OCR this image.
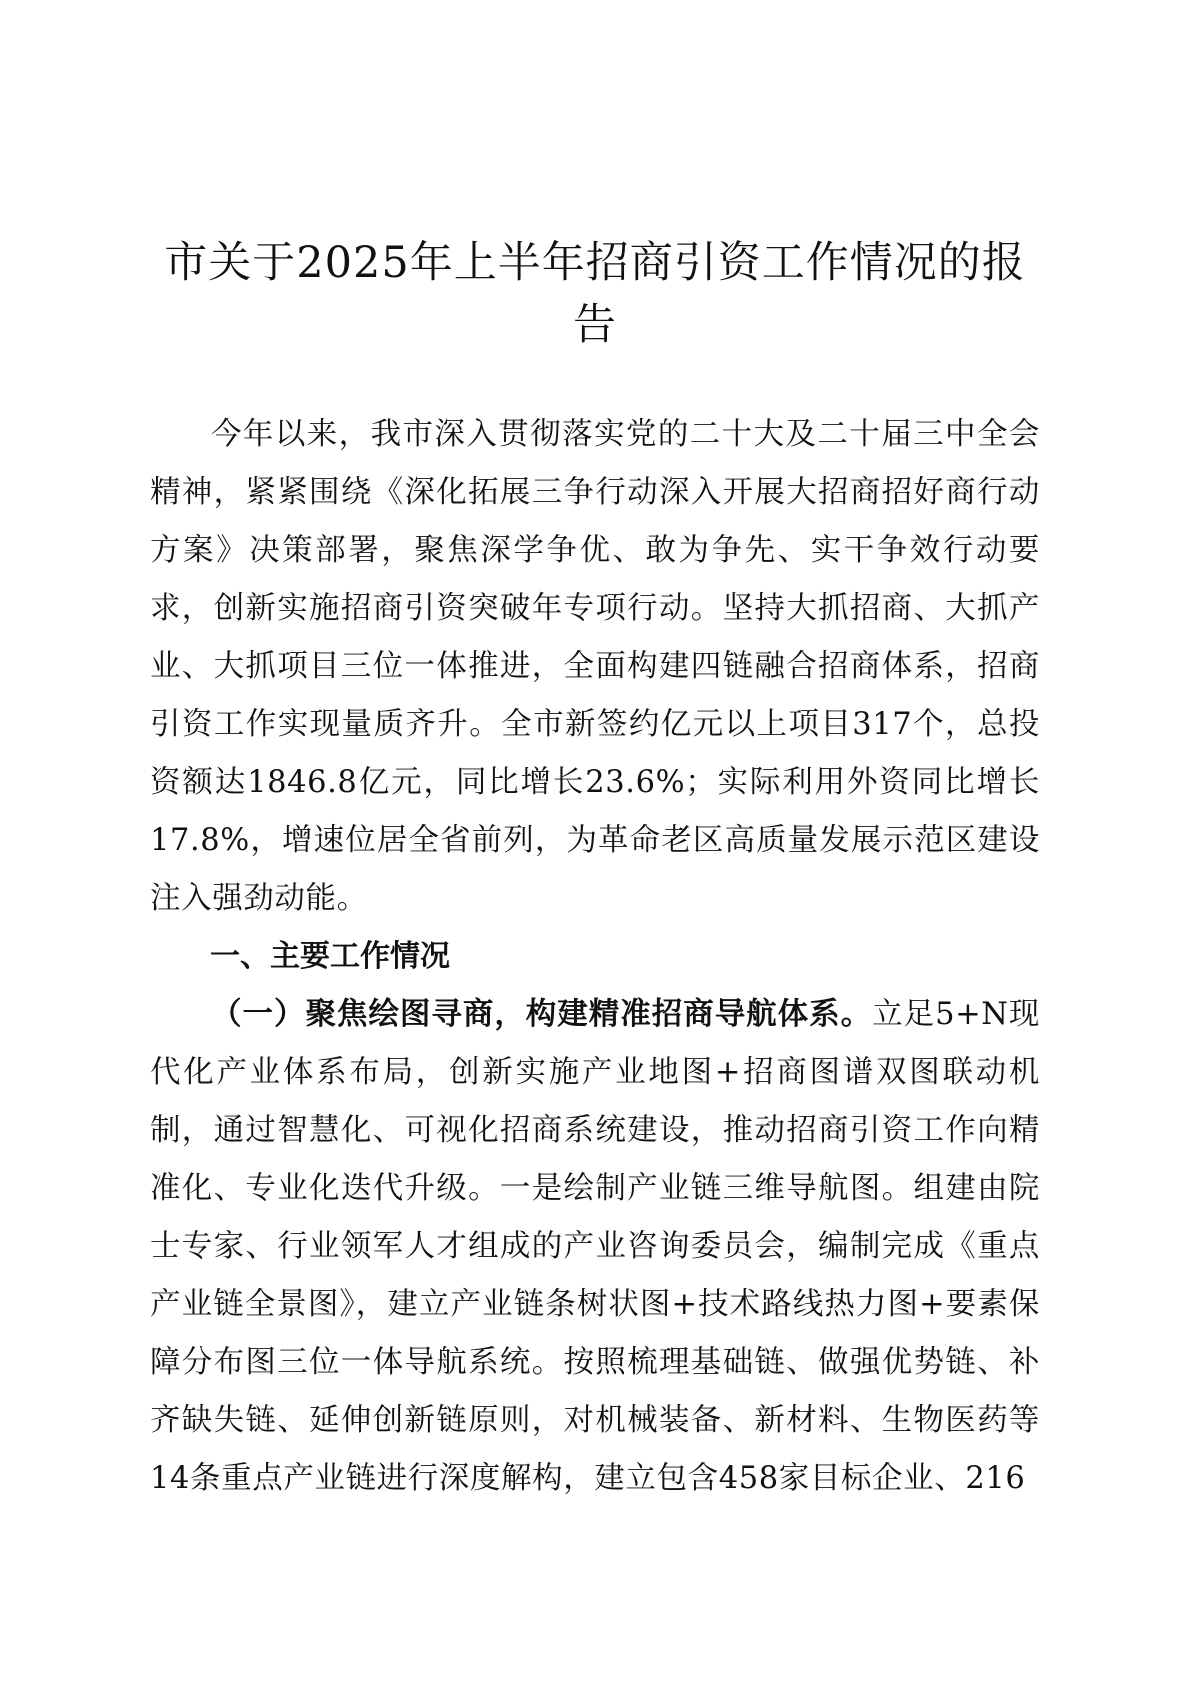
市关于2025年上半年招商引资工作情况的报告

今年以来，我市深入贯彻落实党的二十大及二十届三中全会精神，紧紧围绕《深化拓展三争行动深入开展大招商招好商行动方案》决策部署，聚焦深学争优、敢为争先、实干争效行动要求，创新实施招商引资突破年专项行动。坚持大抓招商、大抓产业、大抓项目三位一体推进，全面构建四链融合招商体系，招商引资工作实现量质齐升。全市新签约亿元以上项目317个，总投资额达1846.8亿元，同比增长23.6%；实际利用外资同比增长17.8%，增速位居全省前列，为革命老区高质量发展示范区建设注入强劲动能。

一、主要工作情况

（一）聚焦绘图寻商，构建精准招商导航体系。立足5+N现代化产业体系布局，创新实施产业地图+招商图谱双图联动机制，通过智慧化、可视化招商系统建设，推动招商引资工作向精准化、专业化迭代升级。一是绘制产业链三维导航图。组建由院士专家、行业领军人才组成的产业咨询委员会，编制完成《重点产业链全景图》，建立产业链条树状图+技术路线热力图+要素保障分布图三位一体导航系统。按照梳理基础链、做强优势链、补齐缺失链、延伸创新链原则，对机械装备、新材料、生物医药等14条重点产业链进行深度解构，建立包含458家目标企业、216
